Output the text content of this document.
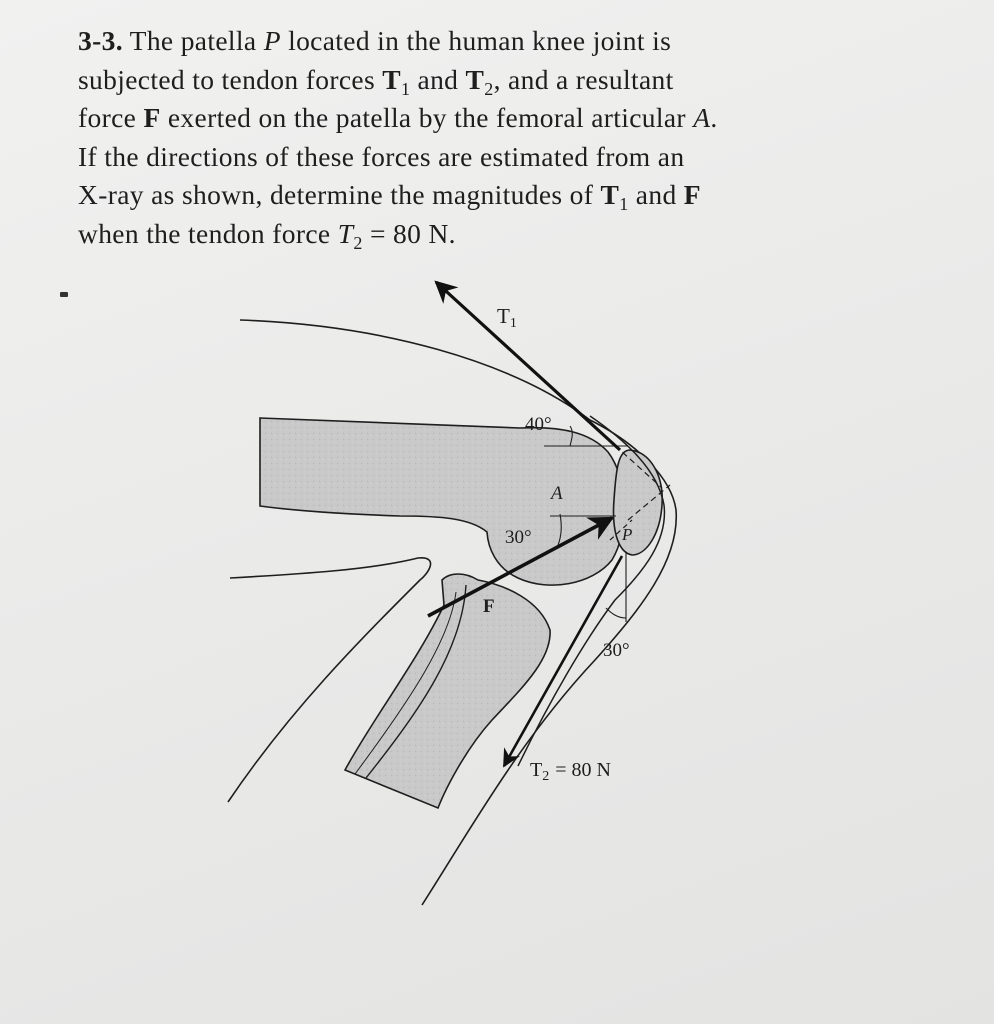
3-3. The patella P located in the human knee joint is

subjected to tendon forces $T_1$ and $T_2$, and a resultant

force F exerted on the patella by the femoral articular A.

If the directions of these forces are estimated from an

X-ray as shown, determine the magnitudes of $T_1$ and F

when the tendon force $T_2 = 80$ N.

T1
40°
A
30°	P
F
30°
$T_2 = 80$ N
